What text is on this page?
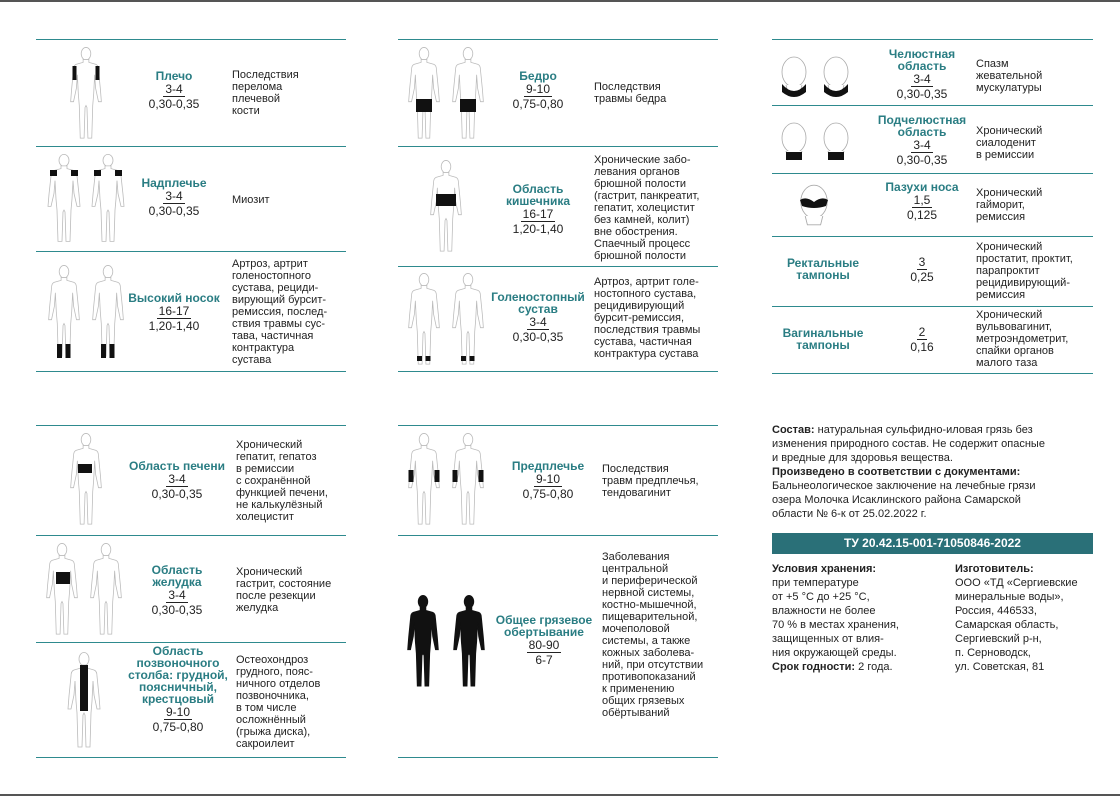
Плечо
3-4
0,30-0,35
Последствия
перелома
плечевой
кости
Надплечье
3-4
0,30-0,35
Миозит
Высокий носок
16-17
1,20-1,40
Артроз, артрит
голеностопного
сустава, рециди-
вирующий бурсит-
ремиссия, послед-
ствия травмы сус-
тава, частичная
контрактура
сустава
Бедро
9-10
0,75-0,80
Последствия
травмы бедра
Область кишечника
16-17
1,20-1,40
Хронические забо-
левания органов
брюшной полости
(гастрит, панкреатит,
гепатит, холецистит
без камней, колит)
вне обострения.
Спаечный процесс
брюшной полости
Голеностопный сустав
3-4
0,30-0,35
Артроз, артрит голе-
ностопного сустава,
рецидивирующий
бурсит-ремиссия,
последствия травмы
сустава, частичная
контрактура сустава
Челюстная область
3-4
0,30-0,35
Спазм
жевательной
мускулатуры
Подчелюстная область
3-4
0,30-0,35
Хронический
сиалоденит
в ремиссии
Пазухи носа
1,5
0,125
Хронический
гайморит,
ремиссия
Ректальные тампоны
3
0,25
Хронический
простатит, проктит,
парапроктит
рецидивирующий-
ремиссия
Вагинальные тампоны
2
0,16
Хронический
вульвовагинит,
метроэндометрит,
спайки органов
малого таза
Область печени
3-4
0,30-0,35
Хронический
гепатит, гепатоз
в ремиссии
с сохранённой
функцией печени,
не калькулёзный
холецистит
Область желудка
3-4
0,30-0,35
Хронический
гастрит, состояние
после резекции
желудка
Область позвоночного столба: грудной, поясничный, крестцовый
9-10
0,75-0,80
Остеохондроз
грудного, пояс-
ничного отделов
позвоночника,
в том числе
осложнённый
(грыжа диска),
сакроилеит
Предплечье
9-10
0,75-0,80
Последствия
травм предплечья,
тендовагинит
Общее грязевое обертывание
80-90
6-7
Заболевания
центральной
и периферической
нервной системы,
костно-мышечной,
пищеварительной,
мочеполовой
системы, а также
кожных заболева-
ний, при отсутствии
противопоказаний
к применению
общих грязевых
обёртываний
Состав: натуральная сульфидно-иловая грязь без
изменения природного состав. Не содержит опасные
и вредные для здоровья вещества.
Произведено в соответствии с документами:
Бальнеологическое заключение на лечебные грязи
озера Молочка Исаклинского района Самарской
области № 6-к от 25.02.2022 г.
ТУ 20.42.15-001-71050846-2022
Условия хранения:
при температуре
от +5 °С до +25 °С,
влажности не более
70 % в местах хранения,
защищенных от влия-
ния окружающей среды.
Срок годности: 2 года.
Изготовитель:
ООО «ТД «Сергиевские
минеральные воды»,
Россия, 446533,
Самарская область,
Сергиевский р-н,
п. Серноводск,
ул. Советская, 81
